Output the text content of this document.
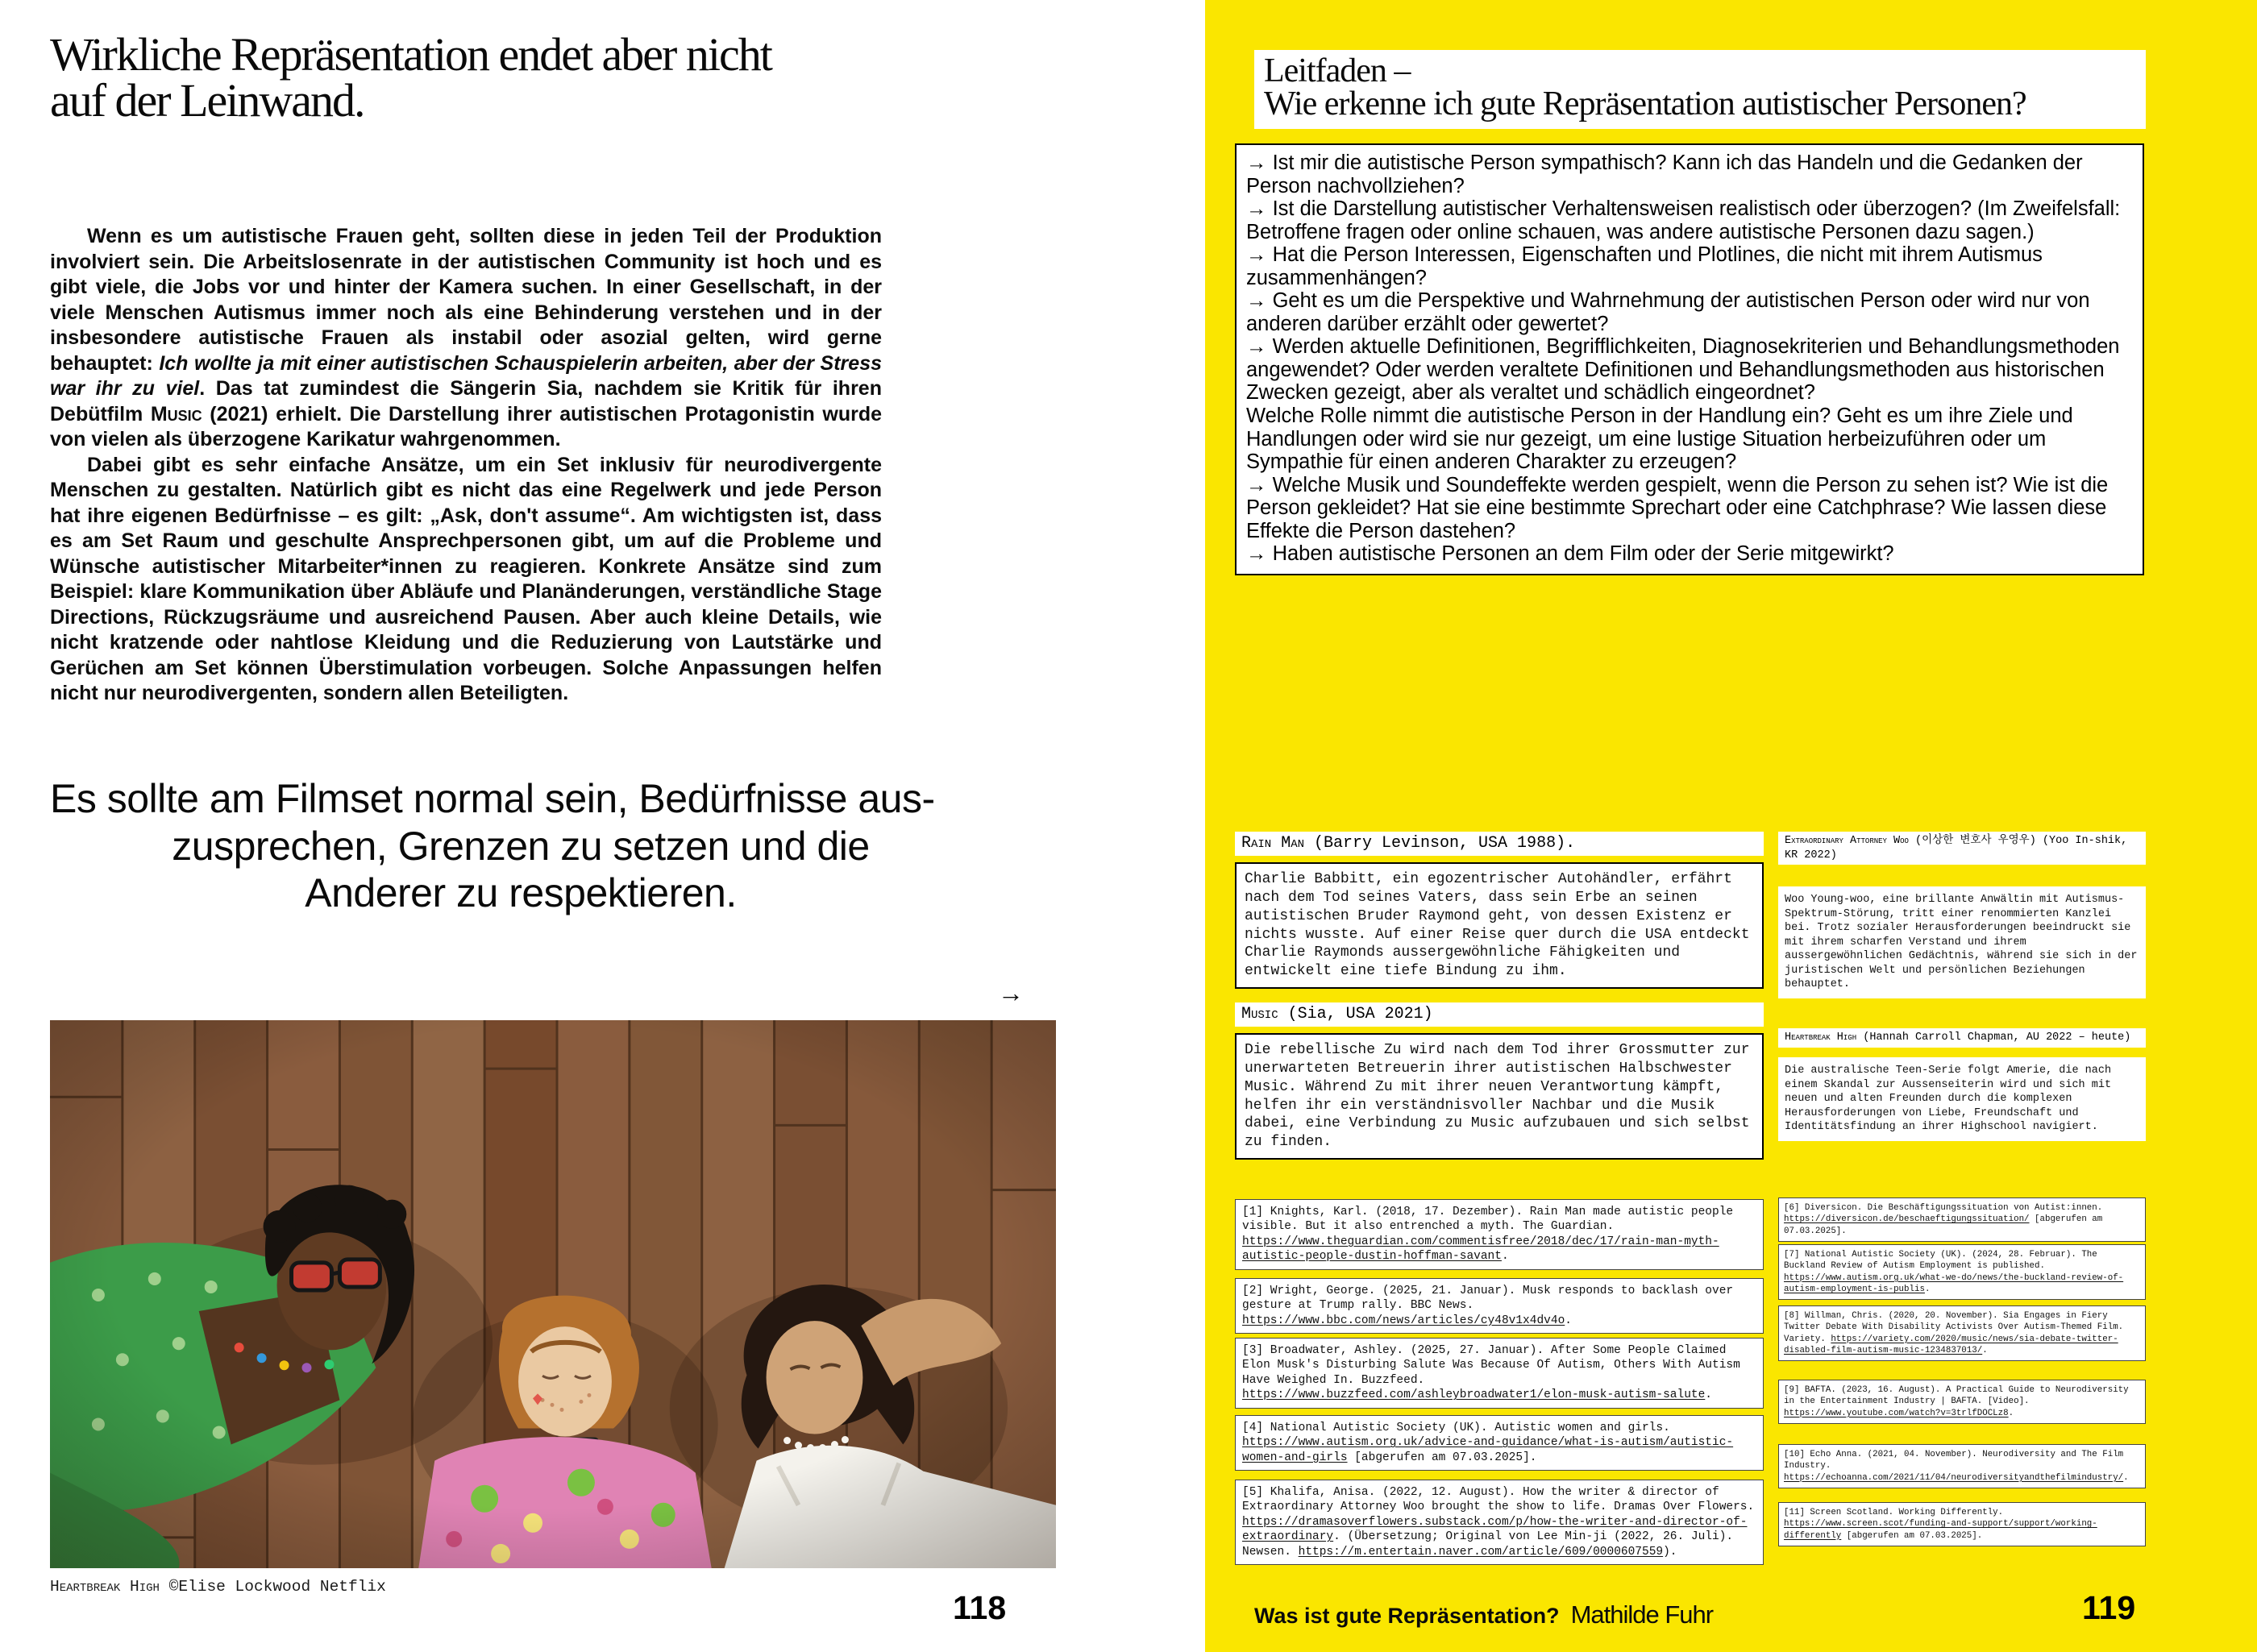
Wirkliche Repräsentation endet aber nicht
auf der Leinwand.

Wenn es um autistische Frauen geht, sollten diese in jeden Teil der Produktion involviert sein. Die Arbeitslosenrate in der autistischen Community ist hoch und es gibt viele, die Jobs vor und hinter der Kamera suchen. In einer Gesellschaft, in der viele Menschen Autismus immer noch als eine Behinderung verstehen und in der insbesondere autistische Frauen als instabil oder asozial gelten, wird gerne behauptet: Ich wollte ja mit einer autistischen Schauspielerin arbeiten, aber der Stress war ihr zu viel. Das tat zumindest die Sängerin Sia, nachdem sie Kritik für ihren Debütfilm Music (2021) erhielt. Die Darstellung ihrer autistischen Protagonistin wurde von vielen als überzogene Karikatur wahrgenommen.

Dabei gibt es sehr einfache Ansätze, um ein Set inklusiv für neurodivergente Menschen zu gestalten. Natürlich gibt es nicht das eine Regelwerk und jede Person hat ihre eigenen Bedürfnisse – es gilt: „Ask, don't assume“. Am wichtigsten ist, dass es am Set Raum und geschulte Ansprechpersonen gibt, um auf die Probleme und Wünsche autistischer Mitarbeiter*innen zu reagieren. Konkrete Ansätze sind zum Beispiel: klare Kommunikation über Abläufe und Planänderungen, verständliche Stage Directions, Rückzugsräume und ausreichend Pausen. Aber auch kleine Details, wie nicht kratzende oder nahtlose Kleidung und die Reduzierung von Lautstärke und Gerüchen am Set können Überstimulation vorbeugen. Solche Anpassungen helfen nicht nur neurodivergenten, sondern allen Beteiligten.

Es sollte am Filmset normal sein, Bedürfnisse aus-
zusprechen, Grenzen zu setzen und die
Anderer zu respektieren.
→
Heartbreak High ©Elise Lockwood Netflix
118
Leitfaden –
Wie erkenne ich gute Repräsentation autistischer Personen?
→ Ist mir die autistische Person sympathisch? Kann ich das Handeln und die Gedanken der Person nachvollziehen?
→ Ist die Darstellung autistischer Verhaltensweisen realistisch oder überzogen? (Im Zweifelsfall: Betroffene fragen oder online schauen, was andere autistische Personen dazu sagen.)
→ Hat die Person Interessen, Eigenschaften und Plotlines, die nicht mit ihrem Autismus zusammenhängen?
→ Geht es um die Perspektive und Wahrnehmung der autistischen Person oder wird nur von anderen darüber erzählt oder gewertet?
→ Werden aktuelle Definitionen, Begrifflichkeiten, Diagnosekriterien und Behandlungsmethoden angewendet? Oder werden veraltete Definitionen und Behandlungsmethoden aus historischen Zwecken gezeigt, aber als veraltet und schädlich eingeordnet?
Welche Rolle nimmt die autistische Person in der Handlung ein? Geht es um ihre Ziele und Handlungen oder wird sie nur gezeigt, um eine lustige Situation herbeizuführen oder um Sympathie für einen anderen Charakter zu erzeugen?
→ Welche Musik und Soundeffekte werden gespielt, wenn die Person zu sehen ist? Wie ist die Person gekleidet? Hat sie eine bestimmte Sprechart oder eine Catchphrase? Wie lassen diese Effekte die Person dastehen?
→ Haben autistische Personen an dem Film oder der Serie mitgewirkt?
Rain Man (Barry Levinson, USA 1988).
Charlie Babbitt, ein egozentrischer Autohändler, erfährt nach dem Tod seines Vaters, dass sein Erbe an seinen autistischen Bruder Raymond geht, von dessen Existenz er nichts wusste. Auf einer Reise quer durch die USA entdeckt Charlie Raymonds aussergewöhnliche Fähigkeiten und entwickelt eine tiefe Bindung zu ihm.
Music (Sia, USA 2021)
Die rebellische Zu wird nach dem Tod ihrer Grossmutter zur unerwarteten Betreuerin ihrer autistischen Halbschwester Music. Während Zu mit ihrer neuen Verantwortung kämpft, helfen ihr ein verständnisvoller Nachbar und die Musik dabei, eine Verbindung zu Music aufzubauen und sich selbst zu finden.
Extraordinary Attorney Woo (이상한 변호사 우영우) (Yoo In-shik, KR 2022)
Woo Young-woo, eine brillante Anwältin mit Autismus-Spektrum-Störung, tritt einer renommierten Kanzlei bei. Trotz sozialer Herausforderungen beeindruckt sie mit ihrem scharfen Verstand und ihrem aussergewöhnlichen Gedächtnis, während sie sich in der juristischen Welt und persönlichen Beziehungen behauptet.
Heartbreak High (Hannah Carroll Chapman, AU 2022 – heute)
Die australische Teen-Serie folgt Amerie, die nach einem Skandal zur Aussenseiterin wird und sich mit neuen und alten Freunden durch die komplexen Herausforderungen von Liebe, Freundschaft und Identitätsfindung an ihrer Highschool navigiert.
[1] Knights, Karl. (2018, 17. Dezember). Rain Man made autistic people visible. But it also entrenched a myth. The Guardian. https://www.theguardian.com/commentisfree/2018/dec/17/rain-man-myth-autistic-people-dustin-hoffman-savant.
[2] Wright, George. (2025, 21. Januar). Musk responds to backlash over gesture at Trump rally. BBC News. https://www.bbc.com/news/articles/cy48v1x4dv4o.
[3] Broadwater, Ashley. (2025, 27. Januar). After Some People Claimed Elon Musk's Disturbing Salute Was Because Of Autism, Others With Autism Have Weighed In. Buzzfeed. https://www.buzzfeed.com/ashleybroadwater1/elon-musk-autism-salute.
[4] National Autistic Society (UK). Autistic women and girls. https://www.autism.org.uk/advice-and-guidance/what-is-autism/autistic-women-and-girls [abgerufen am 07.03.2025].
[5] Khalifa, Anisa. (2022, 12. August). How the writer & director of Extraordinary Attorney Woo brought the show to life. Dramas Over Flowers. https://dramasoverflowers.substack.com/p/how-the-writer-and-director-of-extraordinary. (Übersetzung; Original von Lee Min-ji (2022, 26. Juli). Newsen. https://m.entertain.naver.com/article/609/0000607559).
[6] Diversicon. Die Beschäftigungssituation von Autist:innen. https://diversicon.de/beschaeftigungssituation/ [abgerufen am 07.03.2025].
[7] National Autistic Society (UK). (2024, 28. Februar). The Buckland Review of Autism Employment is published. https://www.autism.org.uk/what-we-do/news/the-buckland-review-of-autism-employment-is-publis.
[8] Willman, Chris. (2020, 20. November). Sia Engages in Fiery Twitter Debate With Disability Activists Over Autism-Themed Film. Variety. https://variety.com/2020/music/news/sia-debate-twitter-disabled-film-autism-music-1234837013/.
[9] BAFTA. (2023, 16. August). A Practical Guide to Neurodiversity in the Entertainment Industry | BAFTA. [Video]. https://www.youtube.com/watch?v=3trlfDOCLz8.
[10] Echo Anna. (2021, 04. November). Neurodiversity and The Film Industry. https://echoanna.com/2021/11/04/neurodiversityandthefilmindustry/.
[11] Screen Scotland. Working Differently. https://www.screen.scot/funding-and-support/support/working-differently [abgerufen am 07.03.2025].
Was ist gute Repräsentation? Mathilde Fuhr	119
